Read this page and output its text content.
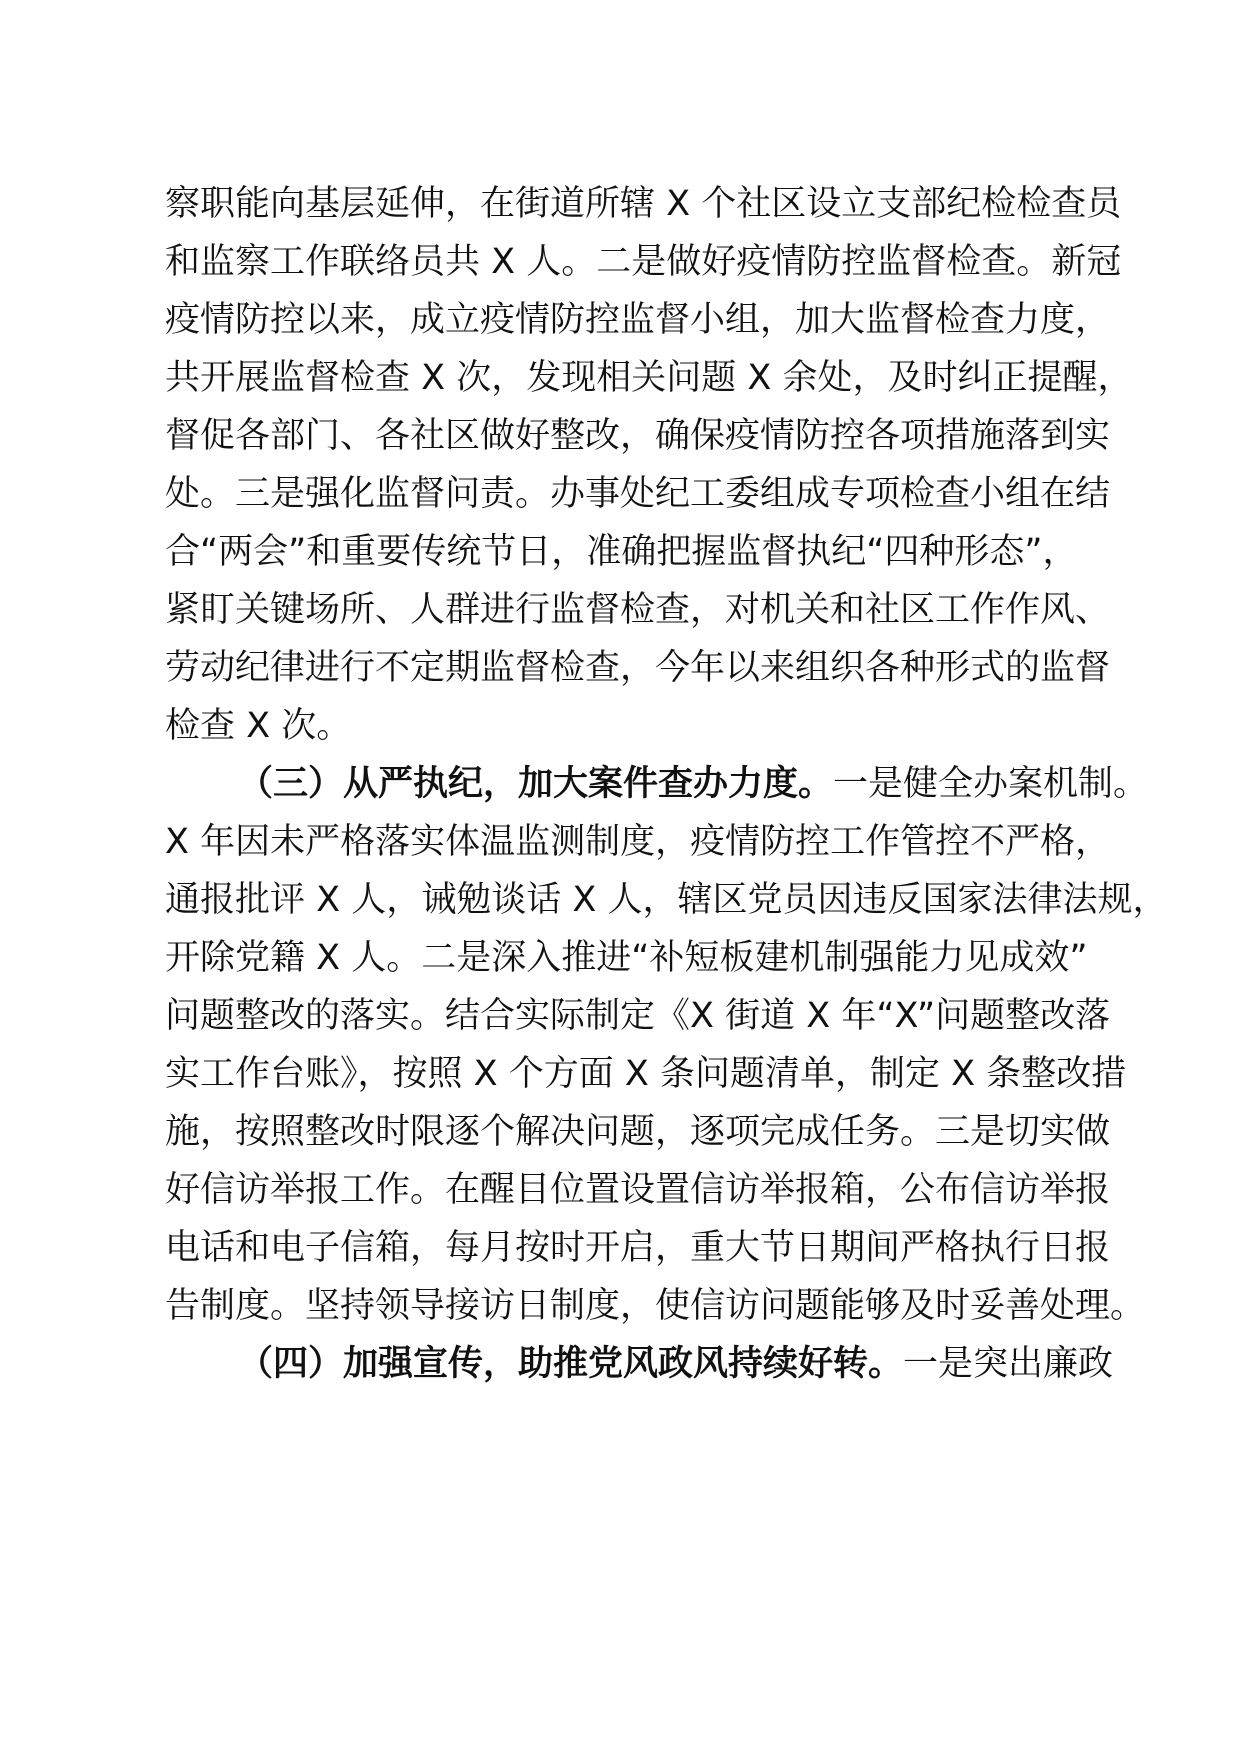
察职能向基层延伸，在街道所辖 X 个社区设立支部纪检检查员
和监察工作联络员共 X 人。二是做好疫情防控监督检查。新冠
疫情防控以来，成立疫情防控监督小组，加大监督检查力度，
共开展监督检查 X 次，发现相关问题 X 余处，及时纠正提醒，
督促各部门、各社区做好整改，确保疫情防控各项措施落到实
处。三是强化监督问责。办事处纪工委组成专项检查小组在结
合“两会”和重要传统节日，准确把握监督执纪“四种形态”，
紧盯关键场所、人群进行监督检查，对机关和社区工作作风、
劳动纪律进行不定期监督检查，今年以来组织各种形式的监督
检查 X 次。
（三）从严执纪，加大案件查办力度。一是健全办案机制。
X 年因未严格落实体温监测制度，疫情防控工作管控不严格，
通报批评 X 人，诫勉谈话 X 人，辖区党员因违反国家法律法规，
开除党籍 X 人。二是深入推进“补短板建机制强能力见成效”
问题整改的落实。结合实际制定《X 街道 X 年“X”问题整改落
实工作台账》，按照 X 个方面 X 条问题清单，制定 X 条整改措
施，按照整改时限逐个解决问题，逐项完成任务。三是切实做
好信访举报工作。在醒目位置设置信访举报箱，公布信访举报
电话和电子信箱，每月按时开启，重大节日期间严格执行日报
告制度。坚持领导接访日制度，使信访问题能够及时妥善处理。
（四）加强宣传，助推党风政风持续好转。一是突出廉政
